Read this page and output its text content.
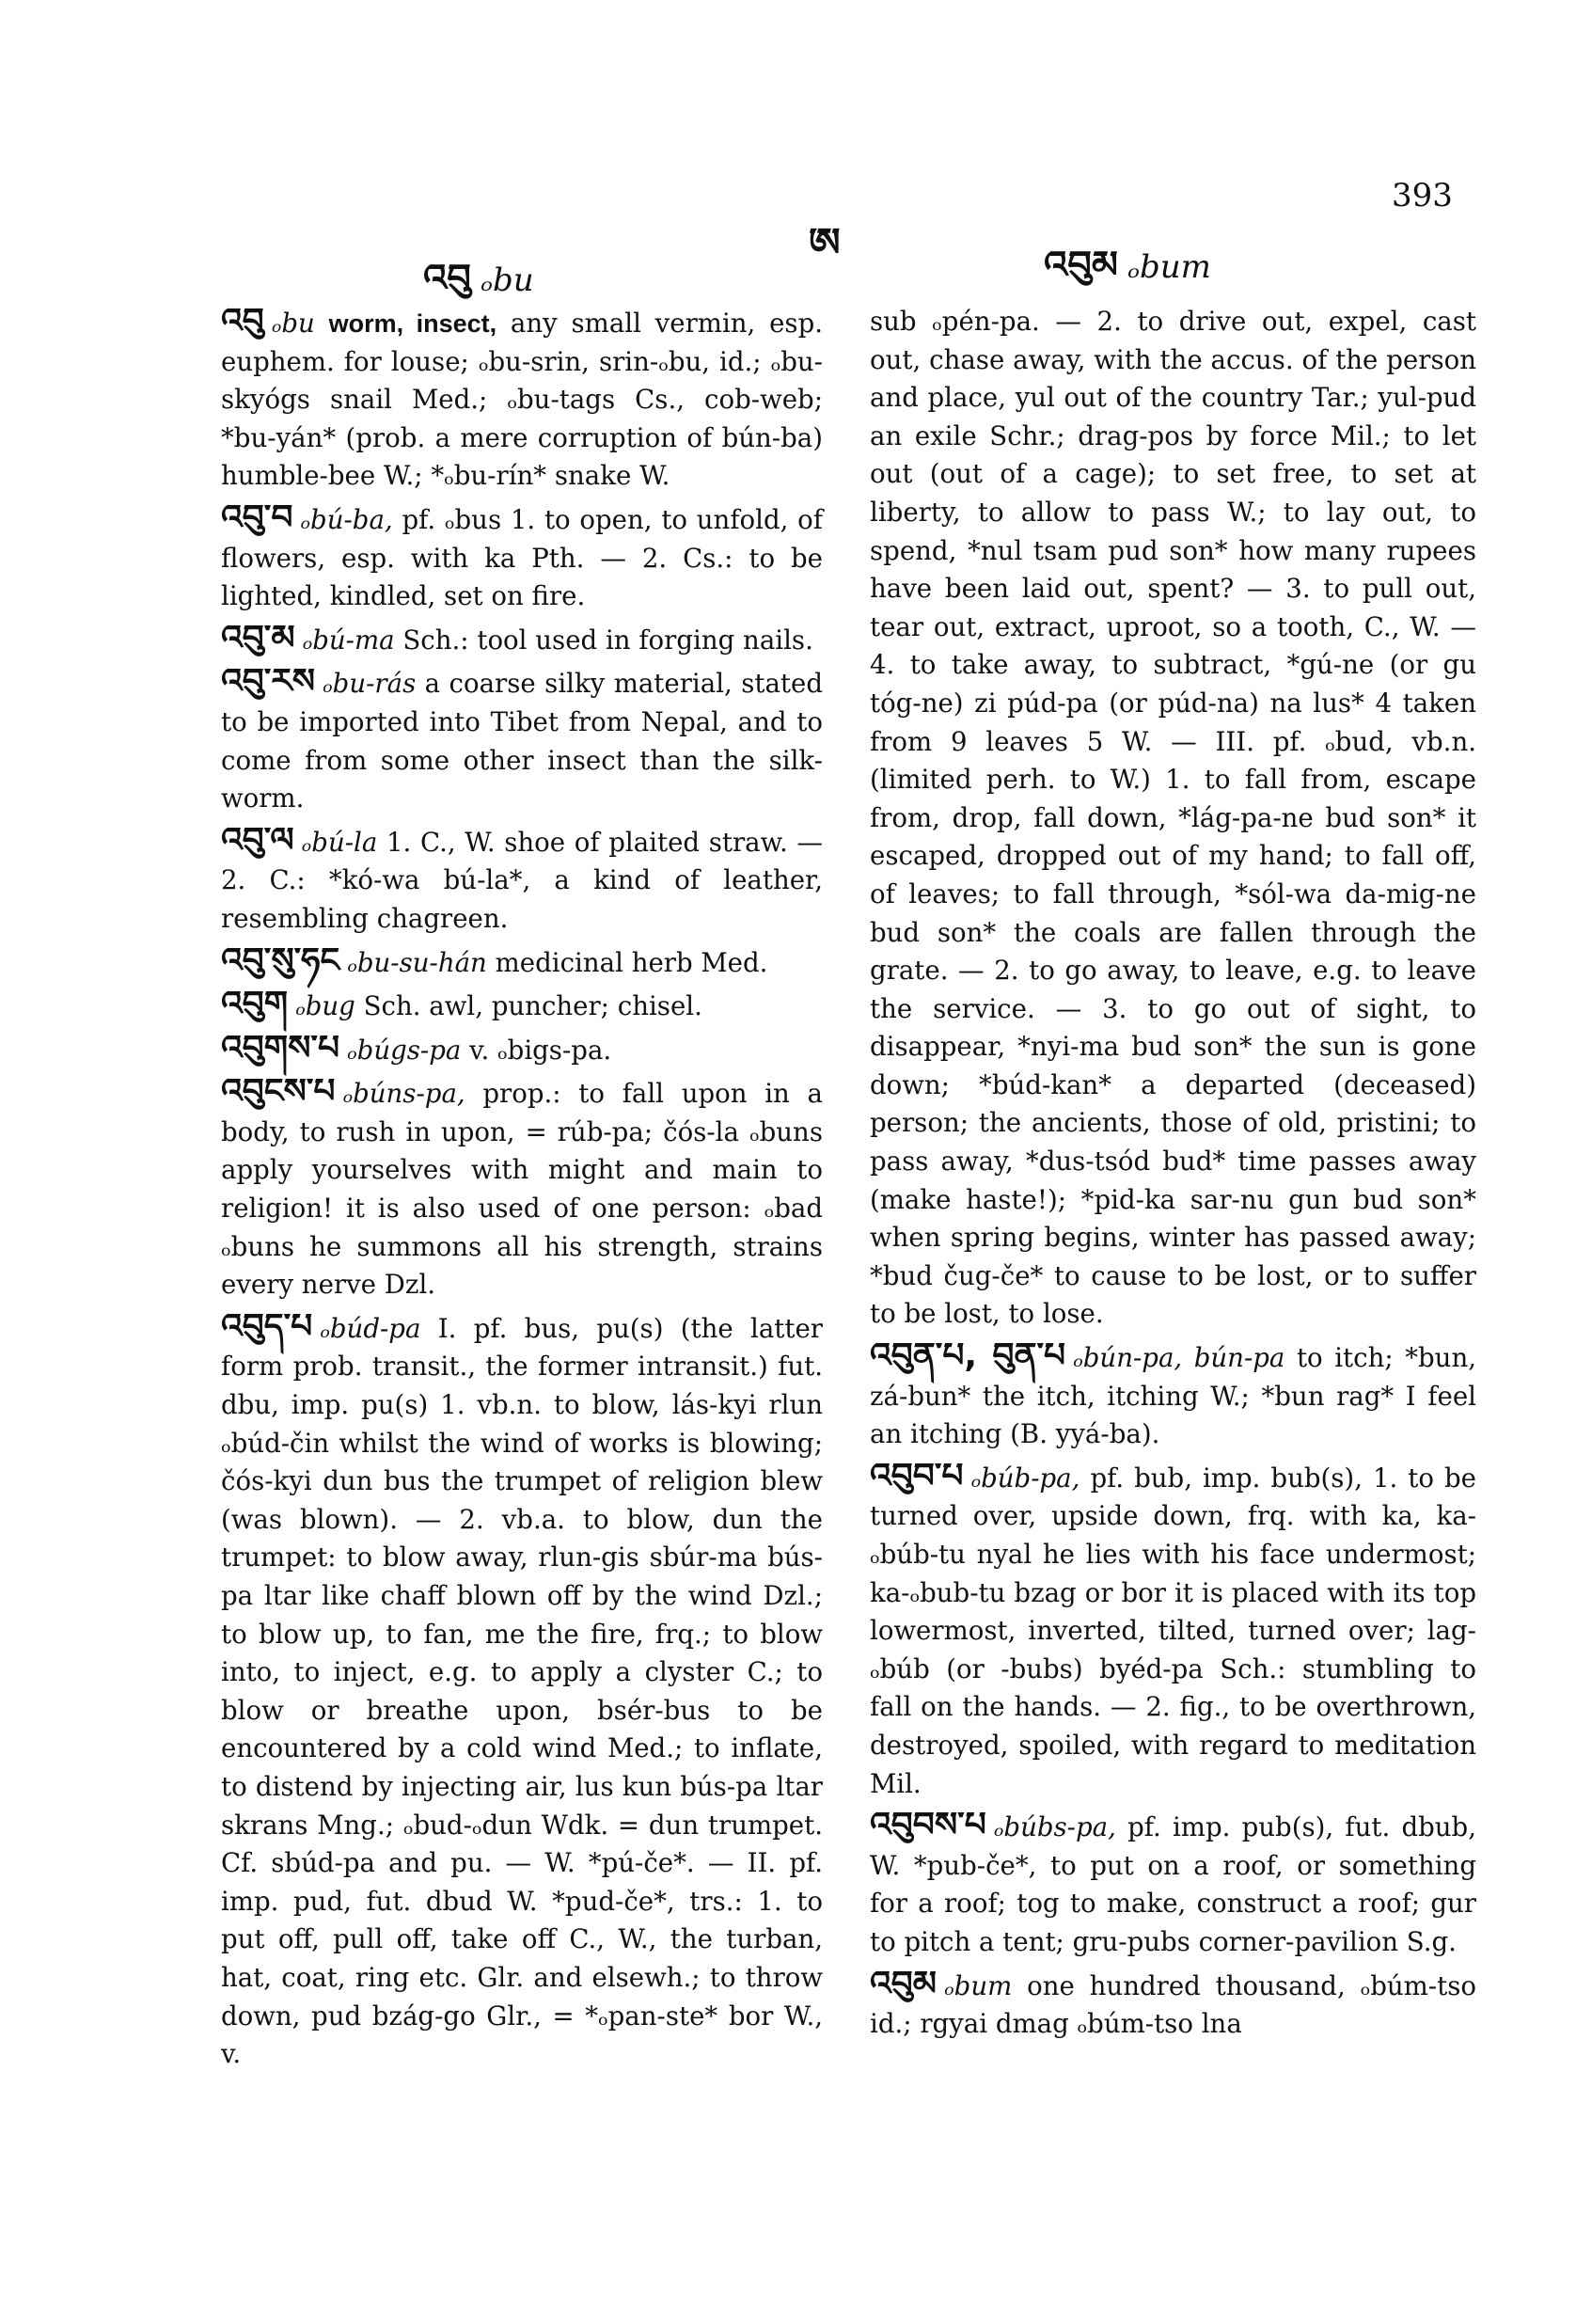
འབུ ₒbu
ཨ	འབུམ ₒbum
393
འབུ ₒbu worm, insect, any small vermin, esp. euphem. for louse; ₒbu-srin, srin-ₒbu, id.; ₒbu-skyógs snail Med.; ₒbu-tags Cs., cob-web; *bu-yán* (prob. a mere corruption of bún-ba) humble-bee W.; *ₒbu-rín* snake W.
འབུ་བ ₒbú-ba, pf. ₒbus 1. to open, to unfold, of flowers, esp. with ka Pth. — 2. Cs.: to be lighted, kindled, set on fire.
འབུ་མ ₒbú-ma Sch.: tool used in forging nails.
འབུ་རས ₒbu-rás a coarse silky material, stated to be imported into Tibet from Nepal, and to come from some other insect than the silk-worm.
འབུ་ལ ₒbú-la 1. C., W. shoe of plaited straw. — 2. C.: *kó-wa bú-la*, a kind of leather, resembling chagreen.
འབུ་སུ་ཧང ₒbu-su-hán medicinal herb Med.
འབུག ₒbug Sch. awl, puncher; chisel.
འབུགས་པ ₒbúgs-pa v. ₒbigs-pa.
འབུངས་པ ₒbúns-pa, prop.: to fall upon in a body, to rush in upon, = rúb-pa; čós-la ₒbuns apply yourselves with might and main to religion! it is also used of one person: ₒbad ₒbuns he summons all his strength, strains every nerve Dzl.
འབུད་པ ₒbúd-pa I. pf. bus, pu(s) (the latter form prob. transit., the former intransit.) fut. dbu, imp. pu(s) 1. vb.n. to blow, lás-kyi rlun ₒbúd-čin whilst the wind of works is blowing; čós-kyi dun bus the trumpet of religion blew (was blown). — 2. vb.a. to blow, dun the trumpet: to blow away, rlun-gis sbúr-ma bús-pa ltar like chaff blown off by the wind Dzl.; to blow up, to fan, me the fire, frq.; to blow into, to inject, e.g. to apply a clyster C.; to blow or breathe upon, bsér-bus to be encountered by a cold wind Med.; to inflate, to distend by injecting air, lus kun bús-pa ltar skrans Mng.; ₒbud-ₒdun Wdk. = dun trumpet. Cf. sbúd-pa and pu. — W. *pú-če*. — II. pf. imp. pud, fut. dbud W. *pud-če*, trs.: 1. to put off, pull off, take off C., W., the turban, hat, coat, ring etc. Glr. and elsewh.; to throw down, pud bzág-go Glr., = *ₒpan-ste* bor W., v.
sub ₒpén-pa. — 2. to drive out, expel, cast out, chase away, with the accus. of the person and place, yul out of the country Tar.; yul-pud an exile Schr.; drag-pos by force Mil.; to let out (out of a cage); to set free, to set at liberty, to allow to pass W.; to lay out, to spend, *nul tsam pud son* how many rupees have been laid out, spent? — 3. to pull out, tear out, extract, uproot, so a tooth, C., W. — 4. to take away, to subtract, *gú-ne (or gu tóg-ne) zi púd-pa (or púd-na) na lus* 4 taken from 9 leaves 5 W. — III. pf. ₒbud, vb.n. (limited perh. to W.) 1. to fall from, escape from, drop, fall down, *lág-pa-ne bud son* it escaped, dropped out of my hand; to fall off, of leaves; to fall through, *sól-wa da-mig-ne bud son* the coals are fallen through the grate. — 2. to go away, to leave, e.g. to leave the service. — 3. to go out of sight, to disappear, *nyi-ma bud son* the sun is gone down; *búd-kan* a departed (deceased) person; the ancients, those of old, pristini; to pass away, *dus-tsód bud* time passes away (make haste!); *pid-ka sar-nu gun bud son* when spring begins, winter has passed away; *bud čug-če* to cause to be lost, or to suffer to be lost, to lose.
འབུན་པ, བུན་པ ₒbún-pa, bún-pa to itch; *bun, zá-bun* the itch, itching W.; *bun rag* I feel an itching (B. yyá-ba).
འབུབ་པ ₒbúb-pa, pf. bub, imp. bub(s), 1. to be turned over, upside down, frq. with ka, ka-ₒbúb-tu nyal he lies with his face undermost; ka-ₒbub-tu bzag or bor it is placed with its top lowermost, inverted, tilted, turned over; lag-ₒbúb (or -bubs) byéd-pa Sch.: stumbling to fall on the hands. — 2. fig., to be overthrown, destroyed, spoiled, with regard to meditation Mil.
འབུབས་པ ₒbúbs-pa, pf. imp. pub(s), fut. dbub, W. *pub-če*, to put on a roof, or something for a roof; tog to make, construct a roof; gur to pitch a tent; gru-pubs corner-pavilion S.g.
འབུམ ₒbum one hundred thousand, ₒbúm-tso id.; rgyai dmag ₒbúm-tso lna
